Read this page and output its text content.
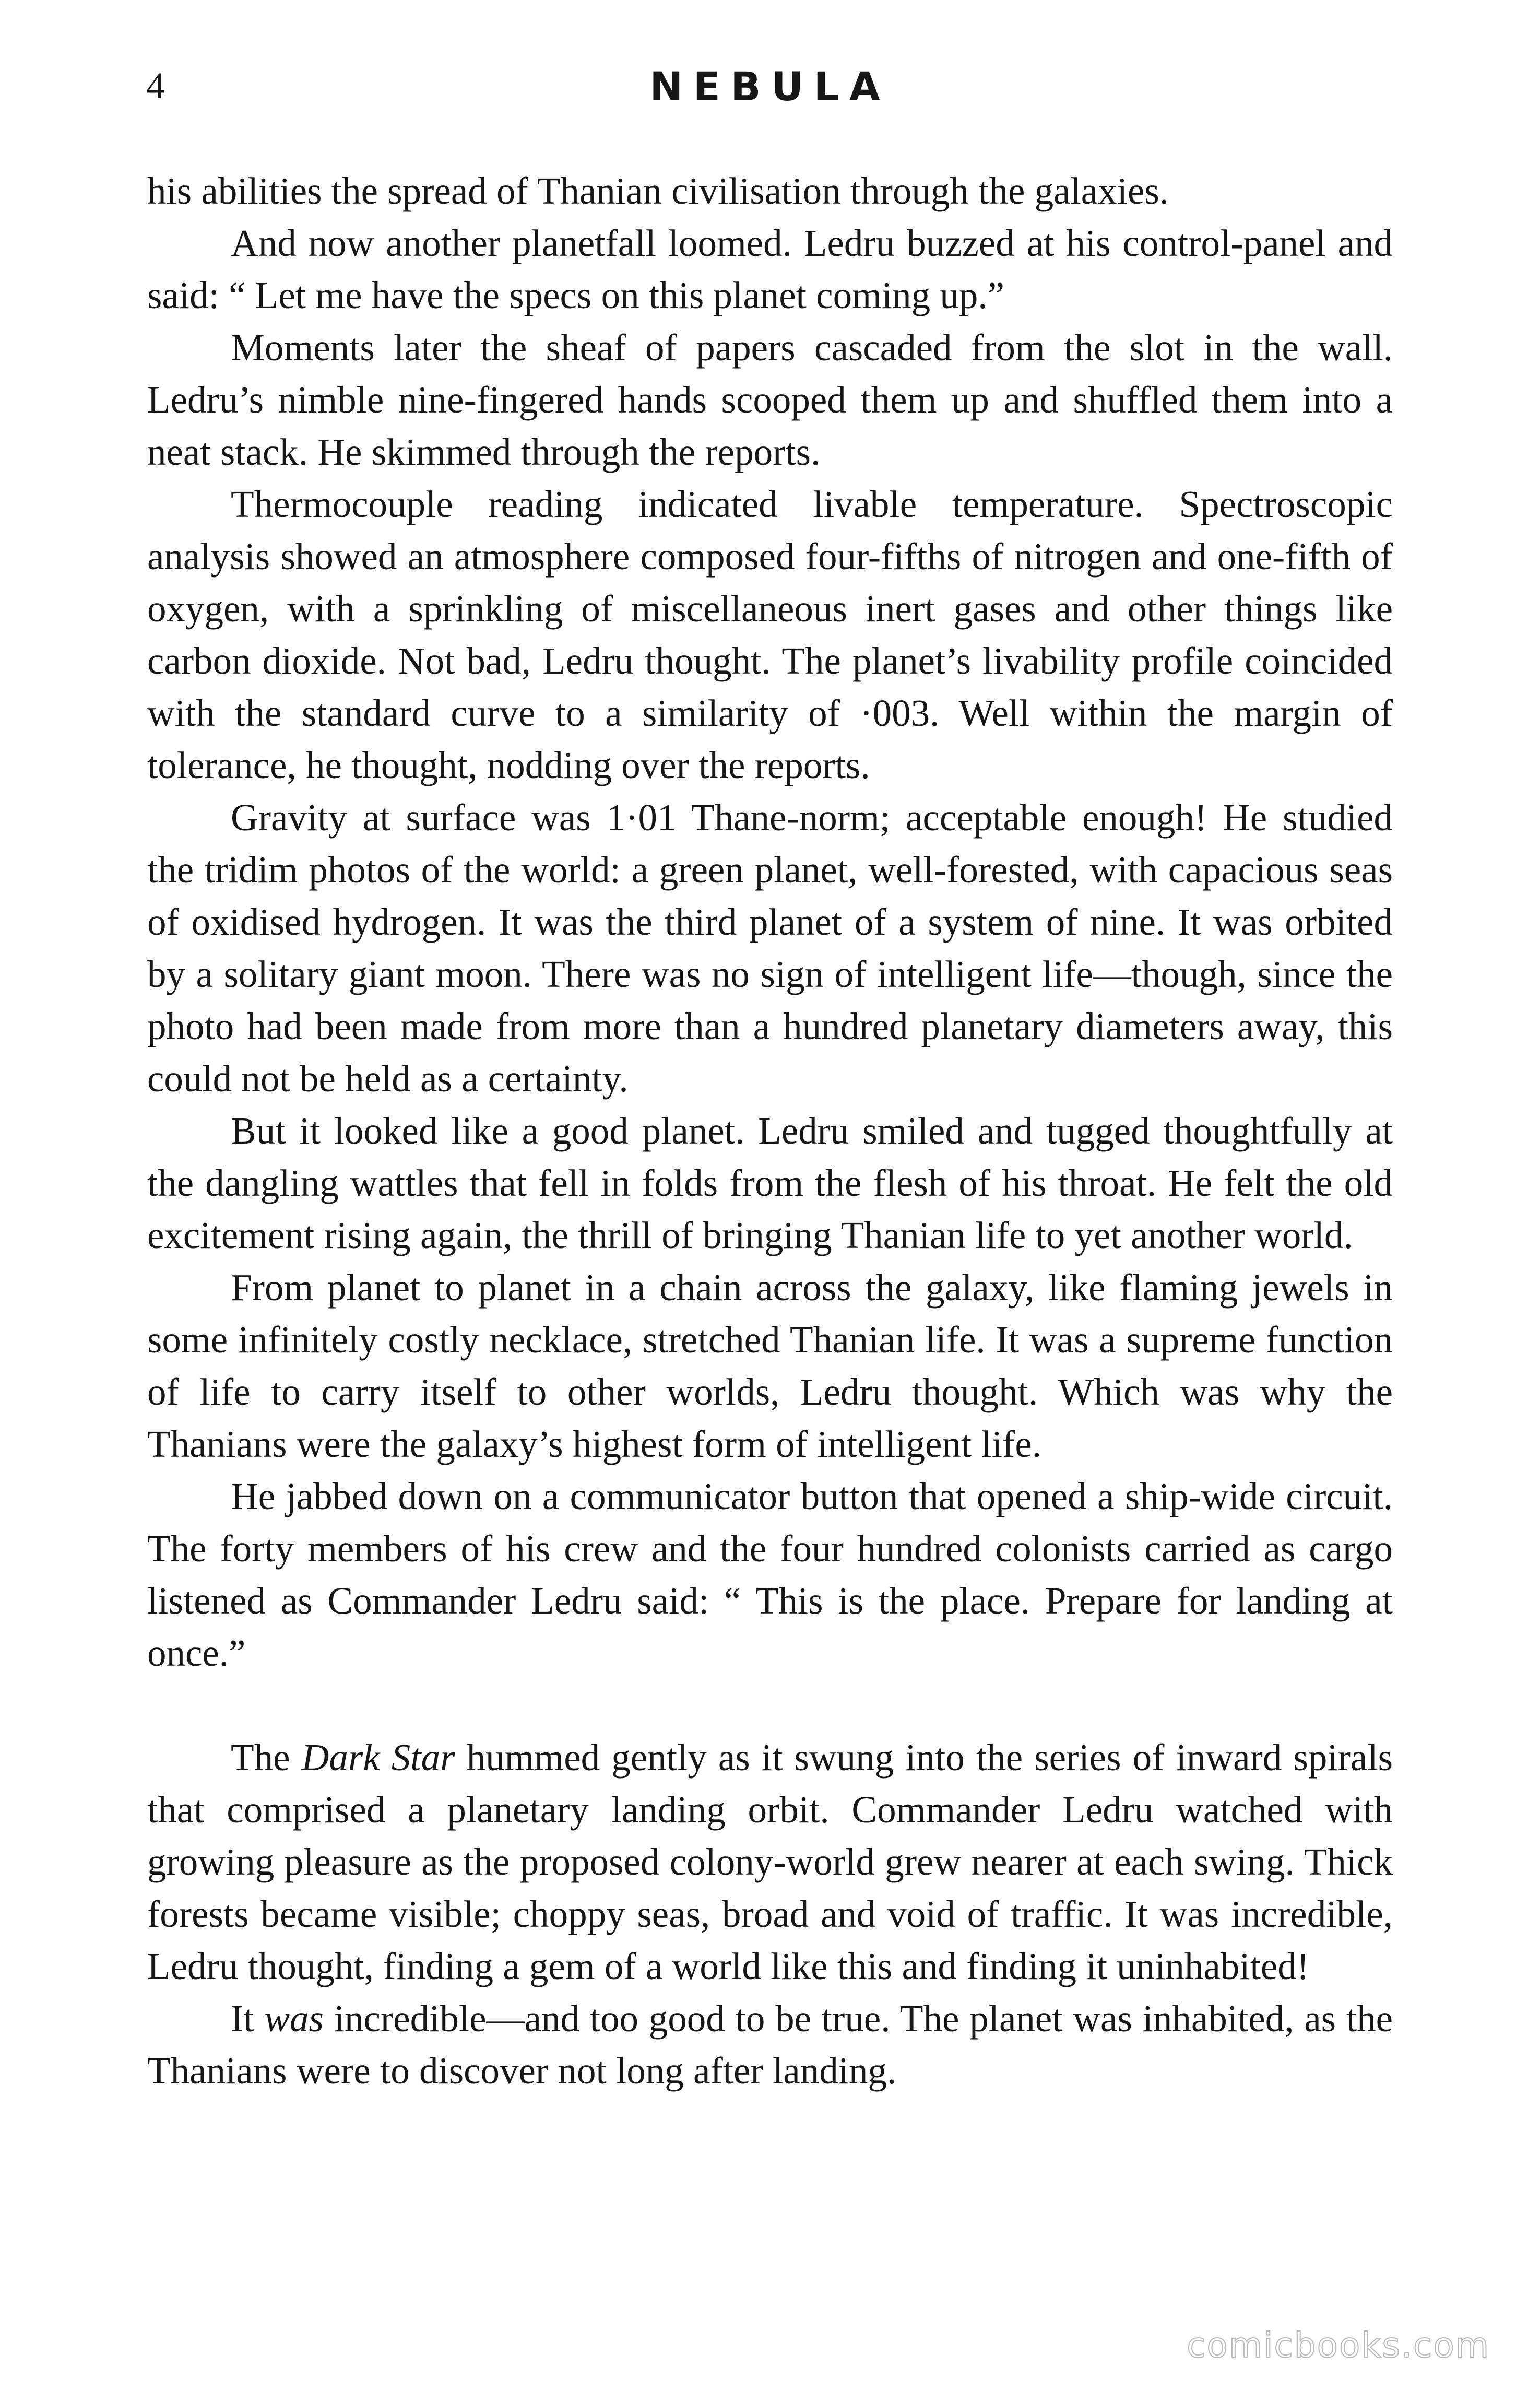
4	NEBULA

his abilities the spread of Thanian civilisation through the galaxies.

And now another planetfall loomed. Ledru buzzed at his control-panel and said: “ Let me have the specs on this planet coming up.”

Moments later the sheaf of papers cascaded from the slot in the wall. Ledru’s nimble nine-fingered hands scooped them up and shuffled them into a neat stack. He skimmed through the reports.

Thermocouple reading indicated livable temperature. Spectroscopic analysis showed an atmosphere composed four-fifths of nitrogen and one-fifth of oxygen, with a sprinkling of miscellaneous inert gases and other things like carbon dioxide. Not bad, Ledru thought. The planet’s livability profile coincided with the standard curve to a similarity of ·003. Well within the margin of tolerance, he thought, nodding over the reports.

Gravity at surface was 1·01 Thane-norm; acceptable enough! He studied the tridim photos of the world: a green planet, well-forested, with capacious seas of oxidised hydrogen. It was the third planet of a system of nine. It was orbited by a solitary giant moon. There was no sign of intelligent life—though, since the photo had been made from more than a hundred planetary diameters away, this could not be held as a certainty.

But it looked like a good planet. Ledru smiled and tugged thoughtfully at the dangling wattles that fell in folds from the flesh of his throat. He felt the old excitement rising again, the thrill of bringing Thanian life to yet another world.

From planet to planet in a chain across the galaxy, like flaming jewels in some infinitely costly necklace, stretched Thanian life. It was a supreme function of life to carry itself to other worlds, Ledru thought. Which was why the Thanians were the galaxy’s highest form of intelligent life.

He jabbed down on a communicator button that opened a ship-wide circuit. The forty members of his crew and the four hundred colonists carried as cargo listened as Commander Ledru said: “ This is the place. Prepare for landing at once.”

The Dark Star hummed gently as it swung into the series of inward spirals that comprised a planetary landing orbit. Commander Ledru watched with growing pleasure as the proposed colony-world grew nearer at each swing. Thick forests became visible; choppy seas, broad and void of traffic. It was incredible, Ledru thought, finding a gem of a world like this and finding it uninhabited!

It was incredible—and too good to be true. The planet was inhabited, as the Thanians were to discover not long after landing.

comicbooks.com
